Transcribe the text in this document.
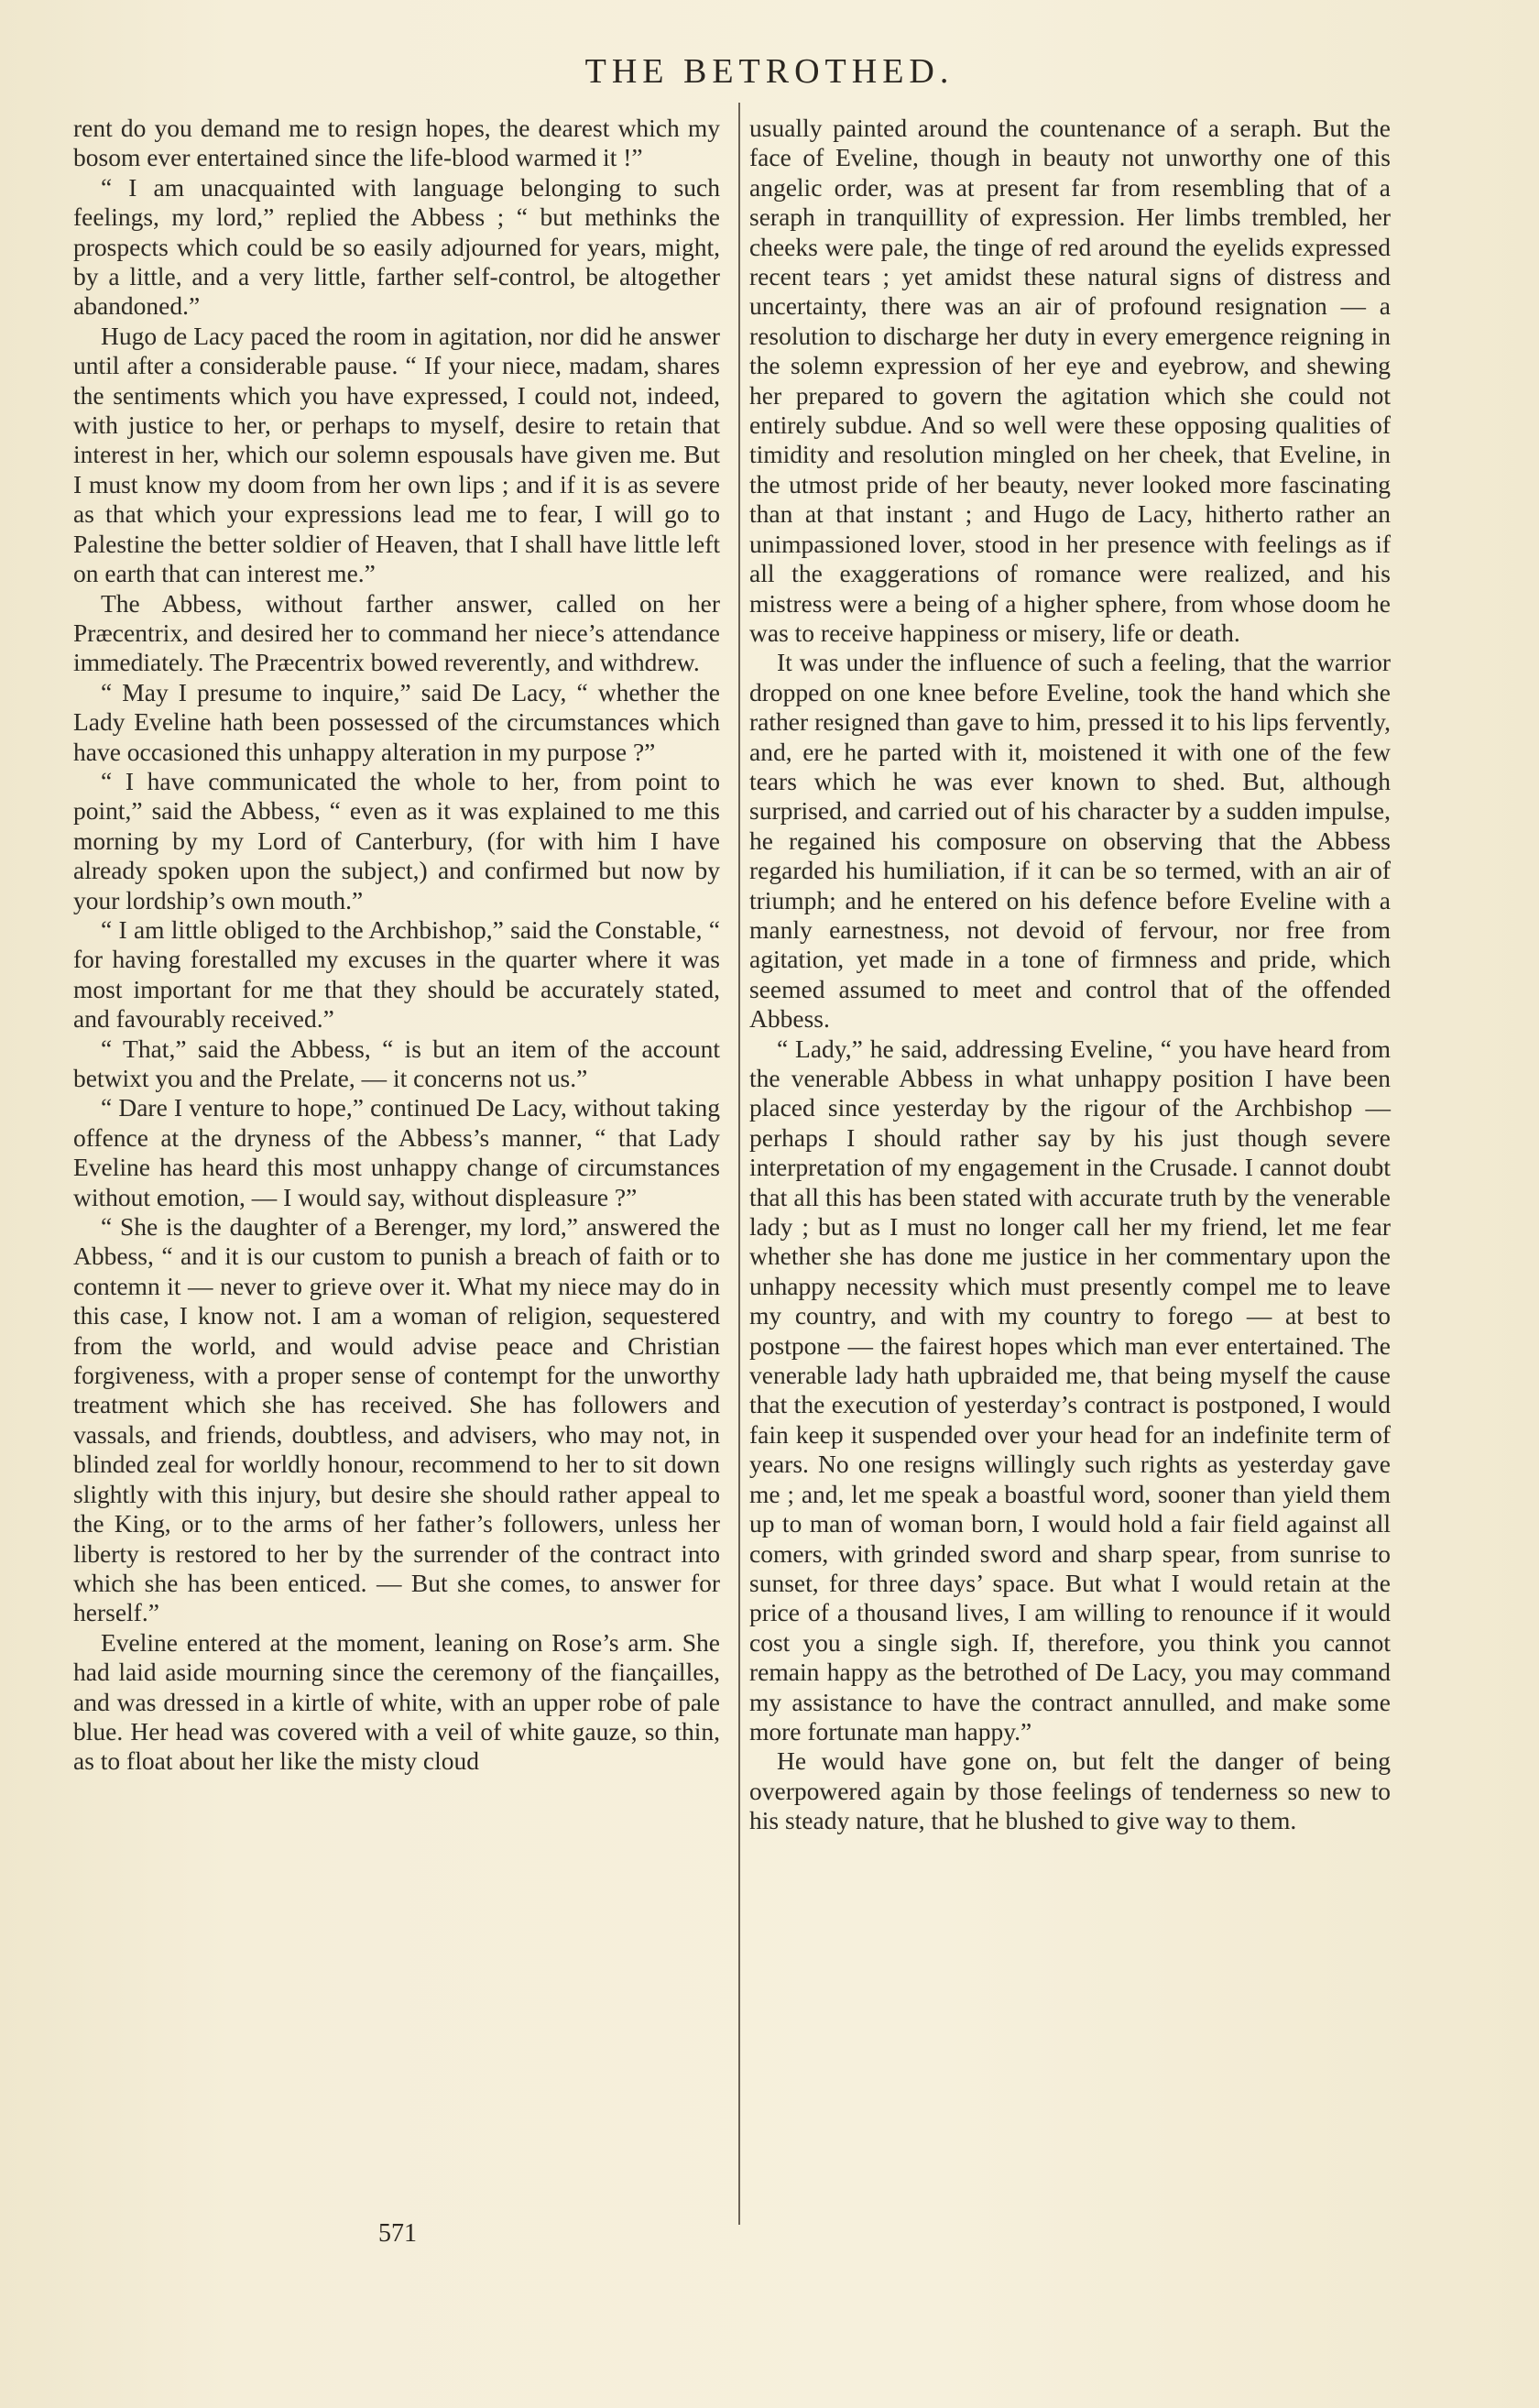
THE BETROTHED.

rent do you demand me to resign hopes, the dearest which my bosom ever entertained since the life-blood warmed it !”

“ I am unacquainted with language belonging to such feelings, my lord,” replied the Abbess ; “ but methinks the prospects which could be so easily adjourned for years, might, by a little, and a very little, farther self-control, be altogether abandoned.”

Hugo de Lacy paced the room in agitation, nor did he answer until after a considerable pause. “ If your niece, madam, shares the sentiments which you have expressed, I could not, indeed, with justice to her, or perhaps to myself, desire to retain that interest in her, which our solemn espousals have given me. But I must know my doom from her own lips ; and if it is as severe as that which your expressions lead me to fear, I will go to Palestine the better soldier of Heaven, that I shall have little left on earth that can interest me.”

The Abbess, without farther answer, called on her Præcentrix, and desired her to command her niece’s attendance immediately. The Præcentrix bowed reverently, and withdrew.

“ May I presume to inquire,” said De Lacy, “ whether the Lady Eveline hath been possessed of the circumstances which have occasioned this unhappy alteration in my purpose ?”

“ I have communicated the whole to her, from point to point,” said the Abbess, “ even as it was explained to me this morning by my Lord of Canterbury, (for with him I have already spoken upon the subject,) and confirmed but now by your lordship’s own mouth.”

“ I am little obliged to the Archbishop,” said the Constable, “ for having forestalled my excuses in the quarter where it was most important for me that they should be accurately stated, and favourably received.”

“ That,” said the Abbess, “ is but an item of the account betwixt you and the Prelate, — it concerns not us.”

“ Dare I venture to hope,” continued De Lacy, without taking offence at the dryness of the Abbess’s manner, “ that Lady Eveline has heard this most unhappy change of circumstances without emotion, — I would say, without displeasure ?”

“ She is the daughter of a Berenger, my lord,” answered the Abbess, “ and it is our custom to punish a breach of faith or to contemn it — never to grieve over it. What my niece may do in this case, I know not. I am a woman of religion, sequestered from the world, and would advise peace and Christian forgiveness, with a proper sense of contempt for the unworthy treatment which she has received. She has followers and vassals, and friends, doubtless, and advisers, who may not, in blinded zeal for worldly honour, recommend to her to sit down slightly with this injury, but desire she should rather appeal to the King, or to the arms of her father’s followers, unless her liberty is restored to her by the surrender of the contract into which she has been enticed. — But she comes, to answer for herself.”

Eveline entered at the moment, leaning on Rose’s arm. She had laid aside mourning since the ceremony of the fiançailles, and was dressed in a kirtle of white, with an upper robe of pale blue. Her head was covered with a veil of white gauze, so thin, as to float about her like the misty cloud

usually painted around the countenance of a seraph. But the face of Eveline, though in beauty not unworthy one of this angelic order, was at present far from resembling that of a seraph in tranquillity of expression. Her limbs trembled, her cheeks were pale, the tinge of red around the eyelids expressed recent tears ; yet amidst these natural signs of distress and uncertainty, there was an air of profound resignation — a resolution to discharge her duty in every emergence reigning in the solemn expression of her eye and eyebrow, and shewing her prepared to govern the agitation which she could not entirely subdue. And so well were these opposing qualities of timidity and resolution mingled on her cheek, that Eveline, in the utmost pride of her beauty, never looked more fascinating than at that instant ; and Hugo de Lacy, hitherto rather an unimpassioned lover, stood in her presence with feelings as if all the exaggerations of romance were realized, and his mistress were a being of a higher sphere, from whose doom he was to receive happiness or misery, life or death.

It was under the influence of such a feeling, that the warrior dropped on one knee before Eveline, took the hand which she rather resigned than gave to him, pressed it to his lips fervently, and, ere he parted with it, moistened it with one of the few tears which he was ever known to shed. But, although surprised, and carried out of his character by a sudden impulse, he regained his composure on observing that the Abbess regarded his humiliation, if it can be so termed, with an air of triumph; and he entered on his defence before Eveline with a manly earnestness, not devoid of fervour, nor free from agitation, yet made in a tone of firmness and pride, which seemed assumed to meet and control that of the offended Abbess.

“ Lady,” he said, addressing Eveline, “ you have heard from the venerable Abbess in what unhappy position I have been placed since yesterday by the rigour of the Archbishop — perhaps I should rather say by his just though severe interpretation of my engagement in the Crusade. I cannot doubt that all this has been stated with accurate truth by the venerable lady ; but as I must no longer call her my friend, let me fear whether she has done me justice in her commentary upon the unhappy necessity which must presently compel me to leave my country, and with my country to forego — at best to postpone — the fairest hopes which man ever entertained. The venerable lady hath upbraided me, that being myself the cause that the execution of yesterday’s contract is postponed, I would fain keep it suspended over your head for an indefinite term of years. No one resigns willingly such rights as yesterday gave me ; and, let me speak a boastful word, sooner than yield them up to man of woman born, I would hold a fair field against all comers, with grinded sword and sharp spear, from sunrise to sunset, for three days’ space. But what I would retain at the price of a thousand lives, I am willing to renounce if it would cost you a single sigh. If, therefore, you think you cannot remain happy as the betrothed of De Lacy, you may command my assistance to have the contract annulled, and make some more fortunate man happy.”

He would have gone on, but felt the danger of being overpowered again by those feelings of tenderness so new to his steady nature, that he blushed to give way to them.

571
